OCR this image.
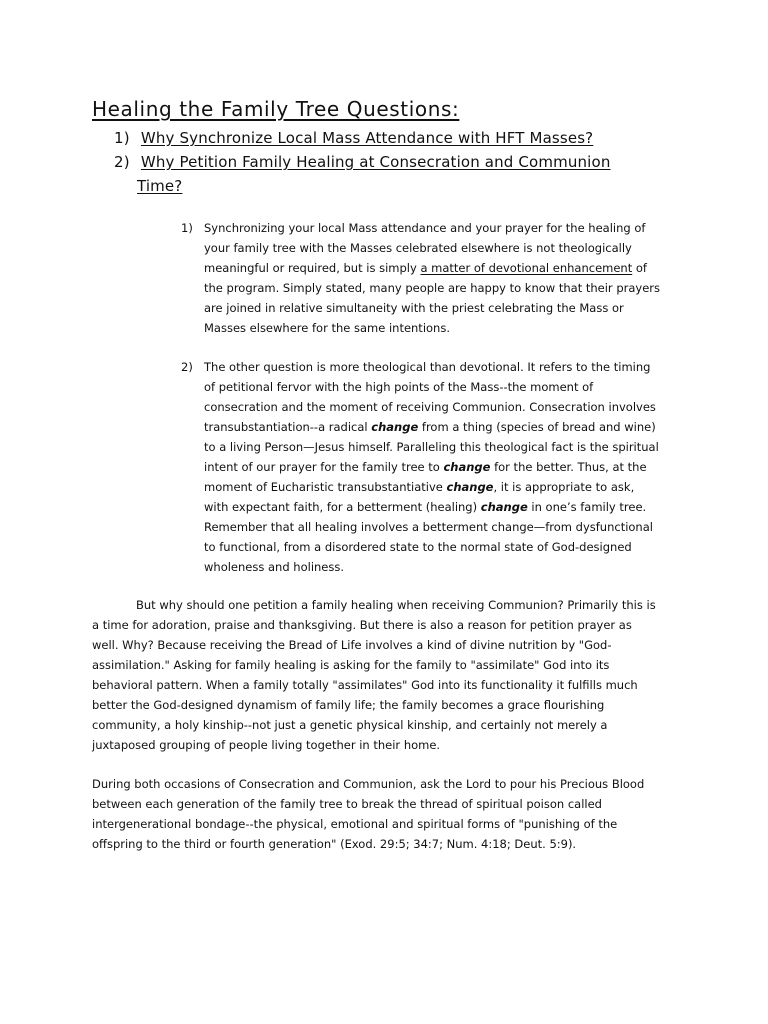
Healing the Family Tree Questions:
1) Why Synchronize Local Mass Attendance with HFT Masses?
2) Why Petition Family Healing at Consecration and Communion
Time?
1) Synchronizing your local Mass attendance and your prayer for the healing of your family tree with the Masses celebrated elsewhere is not theologically meaningful or required, but is simply a matter of devotional enhancement of the program. Simply stated, many people are happy to know that their prayers are joined in relative simultaneity with the priest celebrating the Mass or Masses elsewhere for the same intentions.
2) The other question is more theological than devotional. It refers to the timing of petitional fervor with the high points of the Mass--the moment of consecration and the moment of receiving Communion. Consecration involves transubstantiation--a radical change from a thing (species of bread and wine) to a living Person—Jesus himself. Paralleling this theological fact is the spiritual intent of our prayer for the family tree to change for the better. Thus, at the moment of Eucharistic transubstantiative change, it is appropriate to ask, with expectant faith, for a betterment (healing) change in one’s family tree. Remember that all healing involves a betterment change—from dysfunctional to functional, from a disordered state to the normal state of God-designed wholeness and holiness.

But why should one petition a family healing when receiving Communion? Primarily this is a time for adoration, praise and thanksgiving. But there is also a reason for petition prayer as well. Why? Because receiving the Bread of Life involves a kind of divine nutrition by "God-assimilation." Asking for family healing is asking for the family to "assimilate" God into its behavioral pattern. When a family totally "assimilates" God into its functionality it fulfills much better the God-designed dynamism of family life; the family becomes a grace flourishing community, a holy kinship--not just a genetic physical kinship, and certainly not merely a juxtaposed grouping of people living together in their home.

During both occasions of Consecration and Communion, ask the Lord to pour his Precious Blood between each generation of the family tree to break the thread of spiritual poison called intergenerational bondage--the physical, emotional and spiritual forms of "punishing of the offspring to the third or fourth generation" (Exod. 29:5; 34:7; Num. 4:18; Deut. 5:9).
